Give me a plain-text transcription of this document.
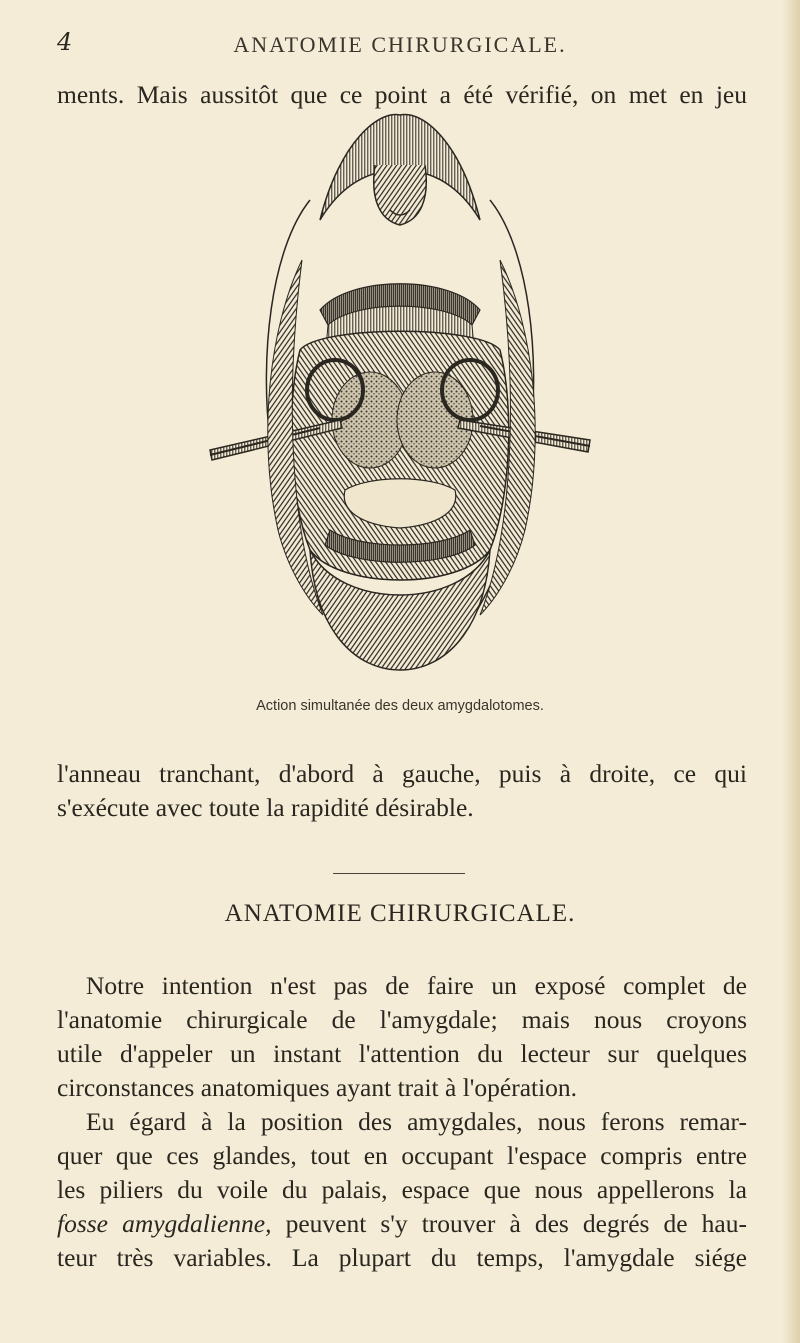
4	ANATOMIE CHIRURGICALE.
ments. Mais aussitôt que ce point a été vérifié, on met en jeu
Action simultanée des deux amygdalotomes.
l'anneau tranchant, d'abord à gauche, puis à droite, ce qui
s'exécute avec toute la rapidité désirable.
ANATOMIE CHIRURGICALE.
Notre intention n'est pas de faire un exposé complet de
l'anatomie chirurgicale de l'amygdale; mais nous croyons
utile d'appeler un instant l'attention du lecteur sur quelques
circonstances anatomiques ayant trait à l'opération.
Eu égard à la position des amygdales, nous ferons remar-
quer que ces glandes, tout en occupant l'espace compris entre
les piliers du voile du palais, espace que nous appellerons la
fosse amygdalienne, peuvent s'y trouver à des degrés de hau-
teur très variables. La plupart du temps, l'amygdale siége
